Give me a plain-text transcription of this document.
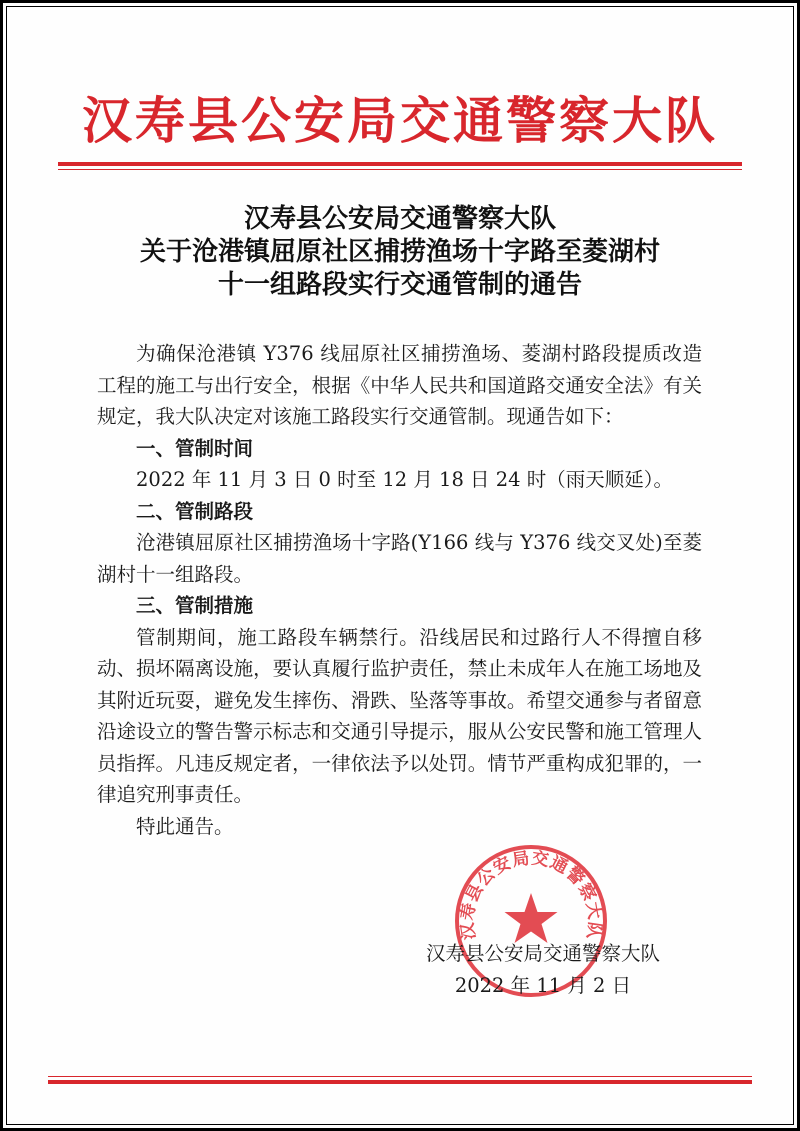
汉寿县公安局交通警察大队
汉寿县公安局交通警察大队
关于沧港镇屈原社区捕捞渔场十字路至菱湖村
十一组路段实行交通管制的通告

为确保沧港镇 Y376 线屈原社区捕捞渔场、菱湖村路段提质改造工程的施工与出行安全，根据《中华人民共和国道路交通安全法》有关规定，我大队决定对该施工路段实行交通管制。现通告如下：

一、管制时间

2022 年 11 月 3 日 0 时至 12 月 18 日 24 时（雨天顺延）。

二、管制路段

沧港镇屈原社区捕捞渔场十字路(Y166 线与 Y376 线交叉处)至菱湖村十一组路段。

三、管制措施

管制期间，施工路段车辆禁行。沿线居民和过路行人不得擅自移动、损坏隔离设施，要认真履行监护责任，禁止未成年人在施工场地及其附近玩耍，避免发生摔伤、滑跌、坠落等事故。希望交通参与者留意沿途设立的警告警示标志和交通引导提示，服从公安民警和施工管理人员指挥。凡违反规定者，一律依法予以处罚。情节严重构成犯罪的，一律追究刑事责任。

特此通告。

汉寿县公安局交通警察大队
汉寿县公安局交通警察大队
2022 年 11 月 2 日
